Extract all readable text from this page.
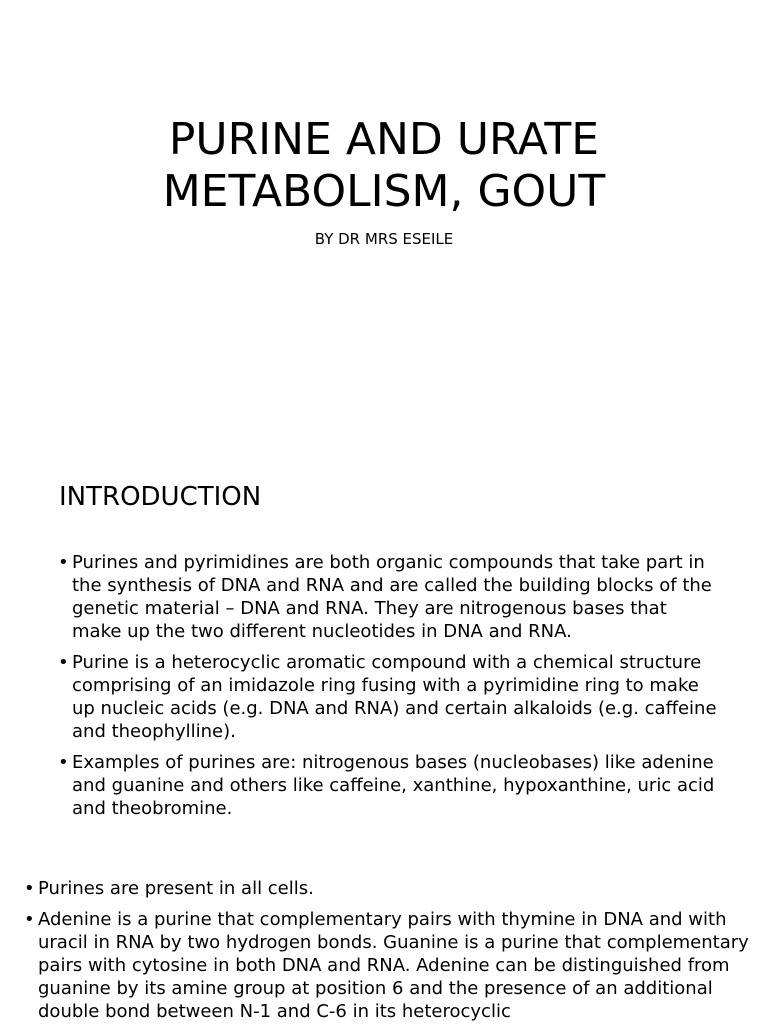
PURINE AND URATE
METABOLISM, GOUT

BY DR MRS ESEILE

INTRODUCTION
• Purines and pyrimidines are both organic compounds that take part in the synthesis of DNA and RNA and are called the building blocks of the genetic material – DNA and RNA. They are nitrogenous bases that make up the two different nucleotides in DNA and RNA.
• Purine is a heterocyclic aromatic compound with a chemical structure comprising of an imidazole ring fusing with a pyrimidine ring to make up nucleic acids (e.g. DNA and RNA) and certain alkaloids (e.g. caffeine and theophylline).
• Examples of purines are: nitrogenous bases (nucleobases) like adenine and guanine and others like caffeine, xanthine, hypoxanthine, uric acid and theobromine.
• Purines are present in all cells.
• Adenine is a purine that complementary pairs with thymine in DNA and with uracil in RNA by two hydrogen bonds. Guanine is a purine that complementary pairs with cytosine in both DNA and RNA. Adenine can be distinguished from guanine by its amine group at position 6 and the presence of an additional double bond between N-1 and C-6 in its heterocyclic
